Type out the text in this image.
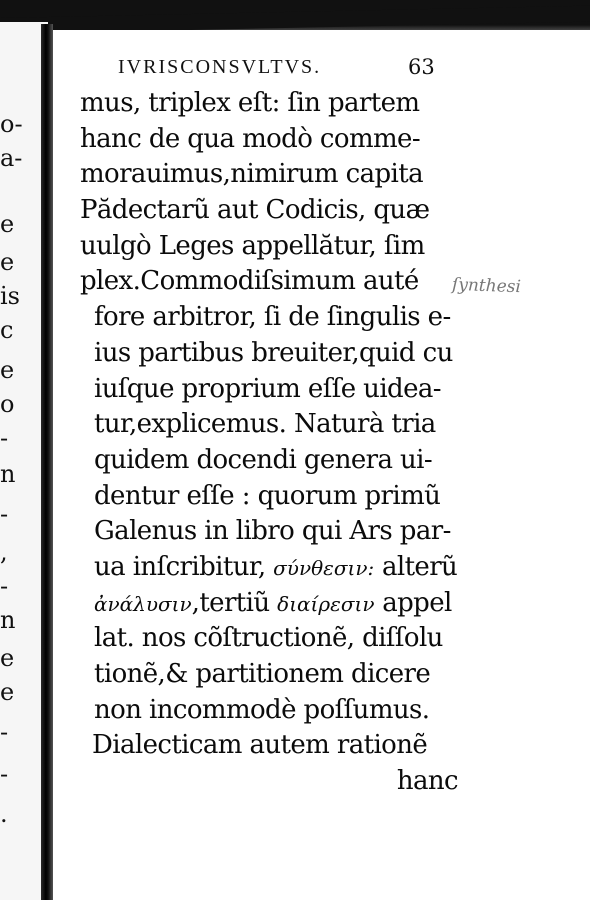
o-
a-
e
e
is
c
e
o
-
n
-
,
-
n
e
e
-
-
.
IVRISCONSVLTVS.	63
mus, triplex eſt: ſin partem
hanc de qua modò comme-
morauimus,nimirum capita
Pădectarũ aut Codicis, quæ
uulgò Leges appellătur, ſim
plex.Commodiſsimum auté
fore arbitror, ſi de ſingulis e-
ius partibus breuiter,quid cu
iuſque proprium eſſe uidea-
tur,explicemus. Naturà tria
quidem docendi genera ui-
dentur eſſe : quorum primũ
Galenus in libro qui Ars par-
ua inſcribitur, σύνθεσιν: alterũ
ἀνάλυσιν,tertiũ διαίρεσιν appel
lat. nos cõſtructionẽ, diſſolu
tionẽ,& partitionem dicere
non incommodè poſſumus.
Dialecticam autem rationẽ
hanc
ſynthesi
